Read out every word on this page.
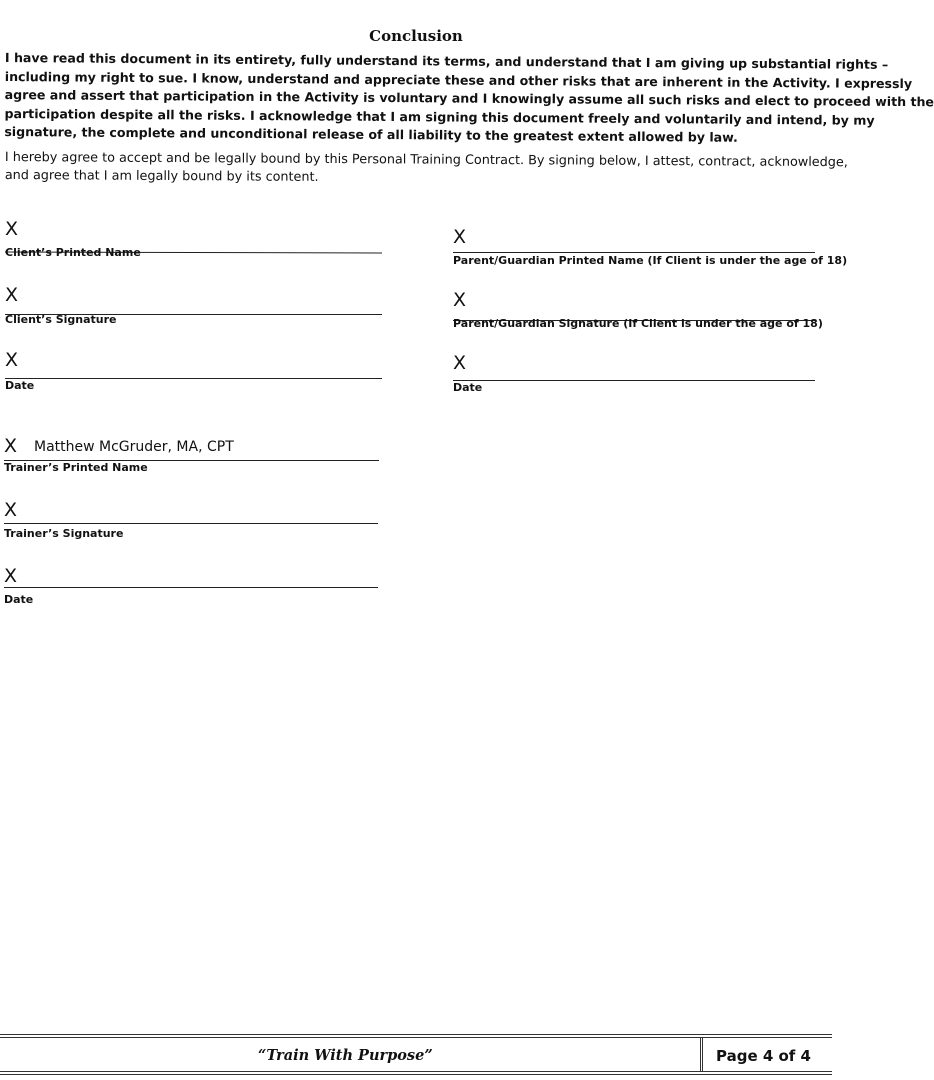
Conclusion
I have read this document in its entirety, fully understand its terms, and understand that I am giving up substantial rights –
including my right to sue. I know, understand and appreciate these and other risks that are inherent in the Activity. I expressly
agree and assert that participation in the Activity is voluntary and I knowingly assume all such risks and elect to proceed with the
participation despite all the risks. I acknowledge that I am signing this document freely and voluntarily and intend, by my
signature, the complete and unconditional release of all liability to the greatest extent allowed by law.
I hereby agree to accept and be legally bound by this Personal Training Contract. By signing below, I attest, contract, acknowledge,
and agree that I am legally bound by its content.
X
Client’s Printed Name
X
Client’s Signature
X
Date
X
Parent/Guardian Printed Name (If Client is under the age of 18)
X
Parent/Guardian Signature (If Client is under the age of 18)
X
Date
X Matthew McGruder, MA, CPT
Trainer’s Printed Name
X
Trainer’s Signature
X
Date
“Train With Purpose”	Page 4 of 4
